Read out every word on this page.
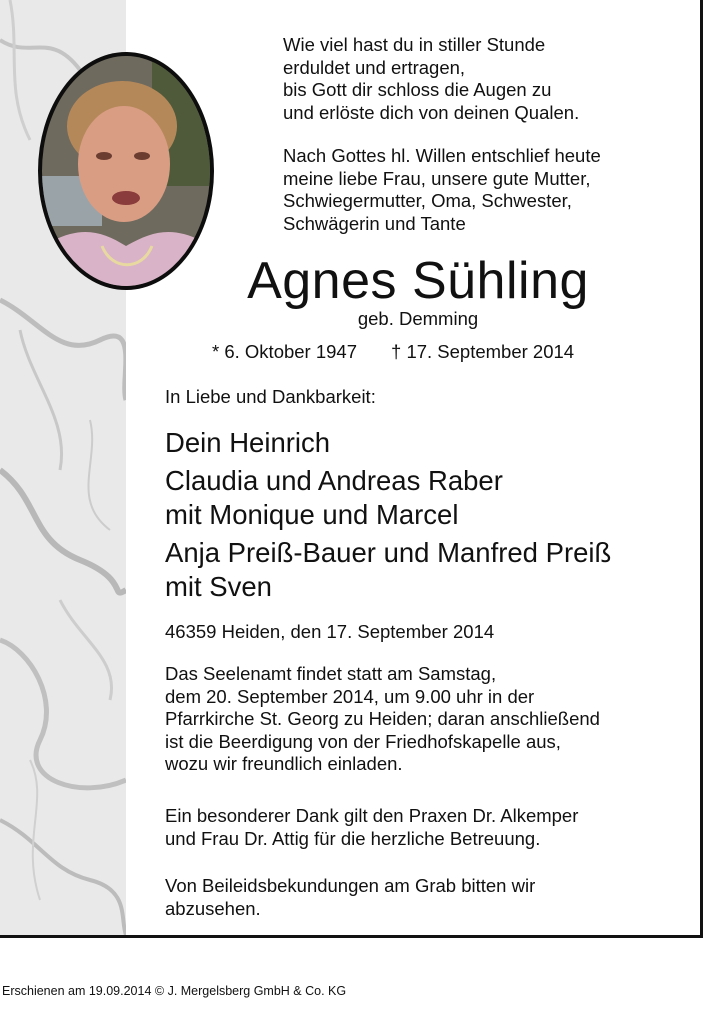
Wie viel hast du in stiller Stunde
erduldet und ertragen,
bis Gott dir schloss die Augen zu
und erlöste dich von deinen Qualen.

Nach Gottes hl. Willen entschlief heute
meine liebe Frau, unsere gute Mutter,
Schwiegermutter, Oma, Schwester,
Schwägerin und Tante

Agnes Sühling

geb. Demming

* 6. Oktober 1947 † 17. September 2014

In Liebe und Dankbarkeit:

Dein Heinrich

Claudia und Andreas Raber

mit Monique und Marcel

Anja Preiß-Bauer und Manfred Preiß

mit Sven

46359 Heiden, den 17. September 2014

Das Seelenamt findet statt am Samstag,
dem 20. September 2014, um 9.00 uhr in der
Pfarrkirche St. Georg zu Heiden; daran anschließend
ist die Beerdigung von der Friedhofskapelle aus,
wozu wir freundlich einladen.

Ein besonderer Dank gilt den Praxen Dr. Alkemper
und Frau Dr. Attig für die herzliche Betreuung.

Von Beileidsbekundungen am Grab bitten wir
abzusehen.

Erschienen am 19.09.2014 © J. Mergelsberg GmbH & Co. KG
